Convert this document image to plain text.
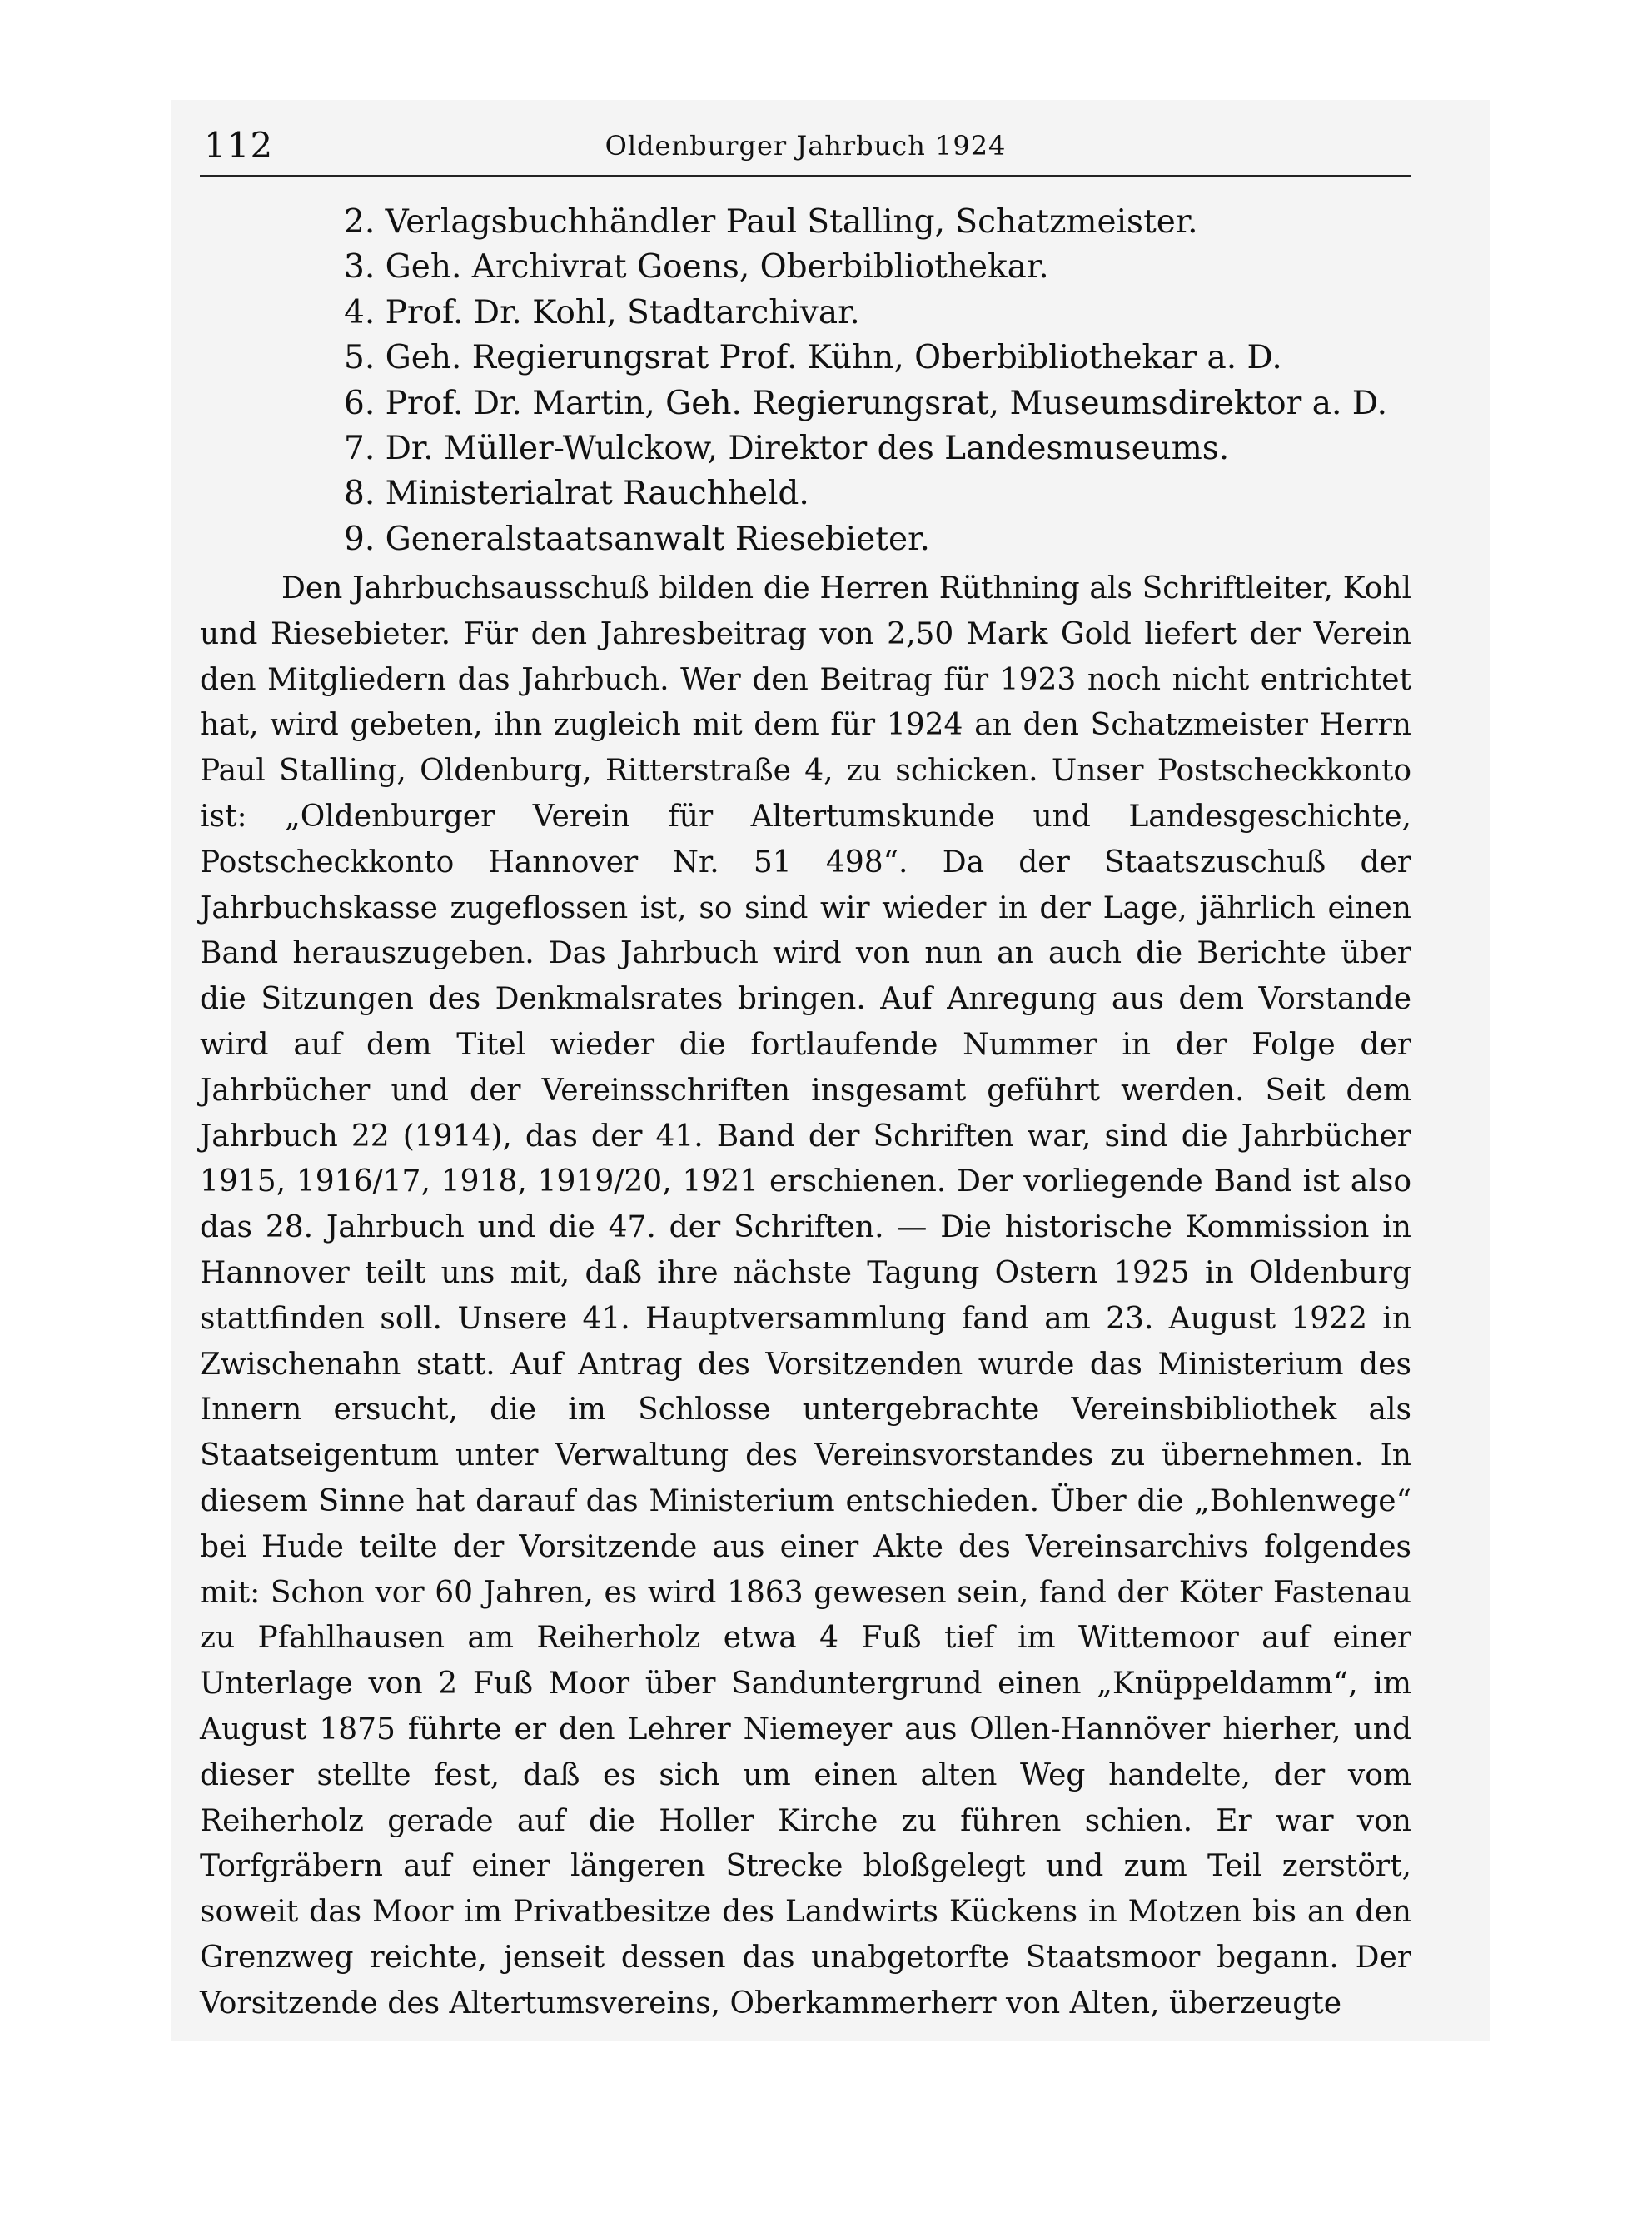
112	Oldenburger Jahrbuch 1924
2. Verlagsbuchhändler Paul Stalling, Schatzmeister.
3. Geh. Archivrat Goens, Oberbibliothekar.
4. Prof. Dr. Kohl, Stadtarchivar.
5. Geh. Regierungsrat Prof. Kühn, Oberbibliothekar a. D.
6. Prof. Dr. Martin, Geh. Regierungsrat, Museumsdirektor a. D.
7. Dr. Müller-Wulckow, Direktor des Landesmuseums.
8. Ministerialrat Rauchheld.
9. Generalstaatsanwalt Riesebieter.

Den Jahrbuchsausschuß bilden die Herren Rüthning als Schriftleiter, Kohl und Riesebieter. Für den Jahresbeitrag von 2,50 Mark Gold liefert der Verein den Mitgliedern das Jahrbuch. Wer den Beitrag für 1923 noch nicht entrichtet hat, wird gebeten, ihn zugleich mit dem für 1924 an den Schatzmeister Herrn Paul Stalling, Oldenburg, Ritterstraße 4, zu schicken. Unser Postscheckkonto ist: „Oldenburger Verein für Altertumskunde und Landesgeschichte, Postscheckkonto Hannover Nr. 51 498“. Da der Staatszuschuß der Jahrbuchskasse zugeflossen ist, so sind wir wieder in der Lage, jährlich einen Band herauszugeben. Das Jahrbuch wird von nun an auch die Berichte über die Sitzungen des Denkmalsrates bringen. Auf Anregung aus dem Vorstande wird auf dem Titel wieder die fortlaufende Nummer in der Folge der Jahrbücher und der Vereinsschriften insgesamt geführt werden. Seit dem Jahrbuch 22 (1914), das der 41. Band der Schriften war, sind die Jahrbücher 1915, 1916/17, 1918, 1919/20, 1921 erschienen. Der vorliegende Band ist also das 28. Jahrbuch und die 47. der Schriften. — Die historische Kommission in Hannover teilt uns mit, daß ihre nächste Tagung Ostern 1925 in Oldenburg stattfinden soll. Unsere 41. Hauptversammlung fand am 23. August 1922 in Zwischenahn statt. Auf Antrag des Vorsitzenden wurde das Ministerium des Innern ersucht, die im Schlosse untergebrachte Vereinsbibliothek als Staatseigentum unter Verwaltung des Vereinsvorstandes zu übernehmen. In diesem Sinne hat darauf das Ministerium entschieden. Über die „Bohlenwege“ bei Hude teilte der Vorsitzende aus einer Akte des Vereinsarchivs folgendes mit: Schon vor 60 Jahren, es wird 1863 gewesen sein, fand der Köter Fastenau zu Pfahlhausen am Reiherholz etwa 4 Fuß tief im Wittemoor auf einer Unterlage von 2 Fuß Moor über Sanduntergrund einen „Knüppeldamm“, im August 1875 führte er den Lehrer Niemeyer aus Ollen-Hannöver hierher, und dieser stellte fest, daß es sich um einen alten Weg handelte, der vom Reiherholz gerade auf die Holler Kirche zu führen schien. Er war von Torfgräbern auf einer längeren Strecke bloßgelegt und zum Teil zerstört, soweit das Moor im Privatbesitze des Landwirts Kückens in Motzen bis an den Grenzweg reichte, jenseit dessen das unabgetorfte Staatsmoor begann. Der Vorsitzende des Altertumsvereins, Oberkammerherr von Alten, überzeugte
